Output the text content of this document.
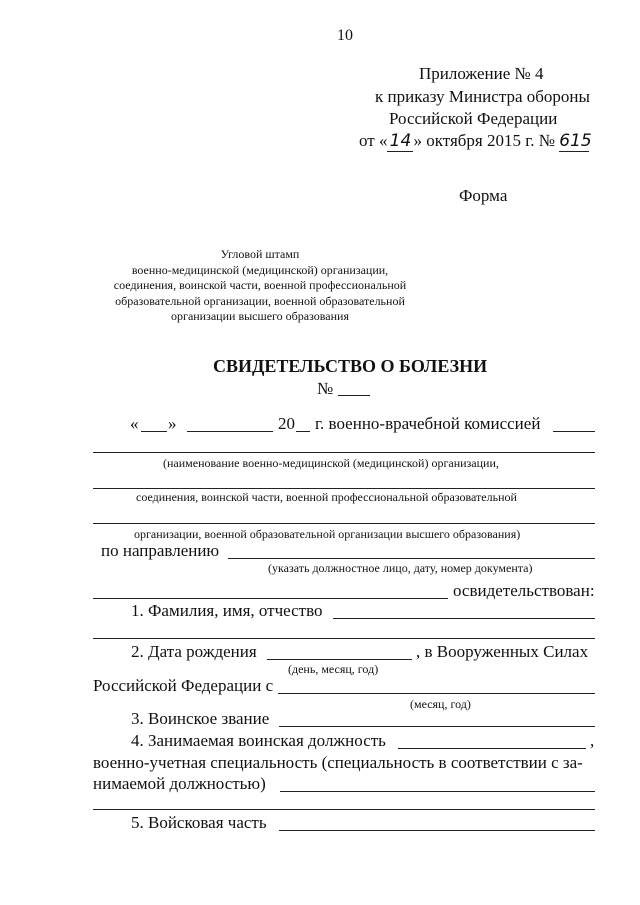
10
Приложение № 4
к приказу Министра обороны
Российской Федерации
от « 14 » октября 2015 г. № 615
Форма
Угловой штамп
военно-медицинской (медицинской) организации,
соединения, воинской части, военной профессиональной
образовательной организации, военной образовательной
организации высшего образования
СВИДЕТЕЛЬСТВО О БОЛЕЗНИ
№
« »	20 г. военно-врачебной комиссией
(наименование военно-медицинской (медицинской) организации,
соединения, воинской части, военной профессиональной образовательной
организации, военной образовательной организации высшего образования)
по направлению
(указать должностное лицо, дату, номер документа)
освидетельствован:
1. Фамилия, имя, отчество
2. Дата рождения	, в Вооруженных Силах
(день, месяц, год)
Российской Федерации с
(месяц, год)
3. Воинское звание
4. Занимаемая воинская должность	,
военно-учетная специальность (специальность в соответствии с за-
нимаемой должностью)
5. Войсковая часть
